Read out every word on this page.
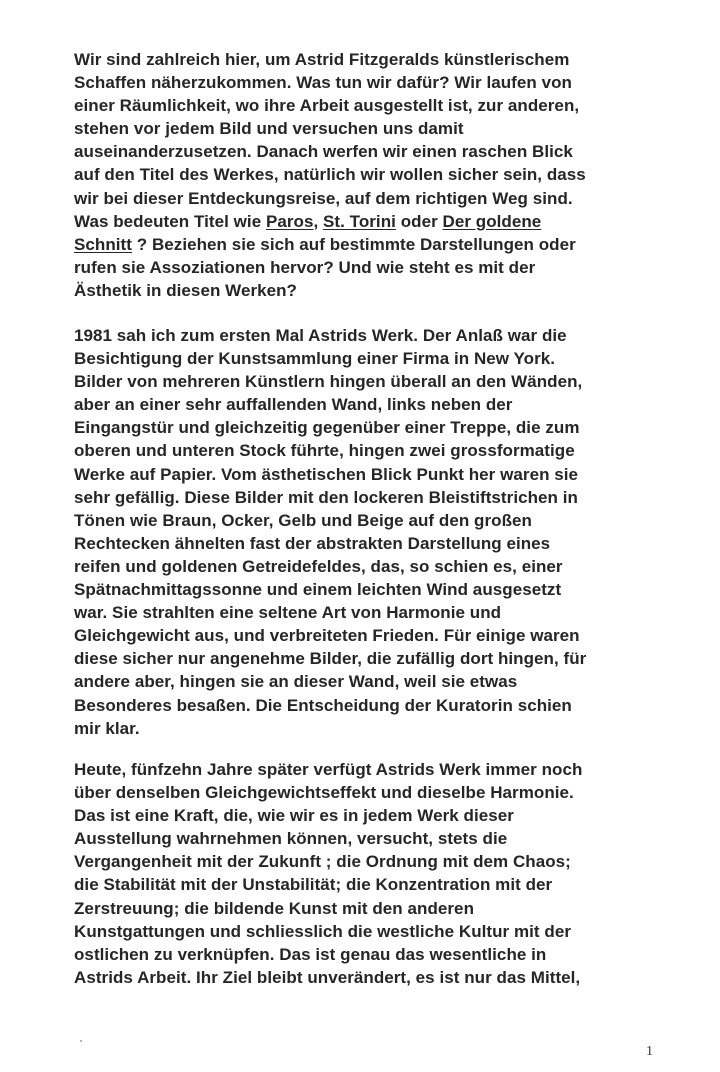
Wir sind zahlreich hier, um Astrid Fitzgeralds künstlerischem
Schaffen näherzukommen. Was tun wir dafür? Wir laufen von
einer Räumlichkeit, wo ihre Arbeit ausgestellt ist, zur anderen,
stehen vor jedem Bild und versuchen uns damit
auseinanderzusetzen. Danach werfen wir einen raschen Blick
auf den Titel des Werkes, natürlich wir wollen sicher sein, dass
wir bei dieser Entdeckungsreise, auf dem richtigen Weg sind.
Was bedeuten Titel wie Paros, St. Torini oder Der goldene
Schnitt ? Beziehen sie sich auf bestimmte Darstellungen oder
rufen sie Assoziationen hervor? Und wie steht es mit der
Ästhetik in diesen Werken?
1981 sah ich zum ersten Mal Astrids Werk. Der Anlaß war die
Besichtigung der Kunstsammlung einer Firma in New York.
Bilder von mehreren Künstlern hingen überall an den Wänden,
aber an einer sehr auffallenden Wand, links neben der
Eingangstür und gleichzeitig gegenüber einer Treppe, die zum
oberen und unteren Stock führte, hingen zwei grossformatige
Werke auf Papier. Vom ästhetischen Blick Punkt her waren sie
sehr gefällig. Diese Bilder mit den lockeren Bleistiftstrichen in
Tönen wie Braun, Ocker, Gelb und Beige auf den großen
Rechtecken ähnelten fast der abstrakten Darstellung eines
reifen und goldenen Getreidefeldes, das, so schien es, einer
Spätnachmittagssonne und einem leichten Wind ausgesetzt
war. Sie strahlten eine seltene Art von Harmonie und
Gleichgewicht aus, und verbreiteten Frieden. Für einige waren
diese sicher nur angenehme Bilder, die zufällig dort hingen, für
andere aber, hingen sie an dieser Wand, weil sie etwas
Besonderes besaßen. Die Entscheidung der Kuratorin schien
mir klar.
Heute, fünfzehn Jahre später verfügt Astrids Werk immer noch
über denselben Gleichgewichtseffekt und dieselbe Harmonie.
Das ist eine Kraft, die, wie wir es in jedem Werk dieser
Ausstellung wahrnehmen können, versucht, stets die
Vergangenheit mit der Zukunft ; die Ordnung mit dem Chaos;
die Stabilität mit der Unstabilität; die Konzentration mit der
Zerstreuung; die bildende Kunst mit den anderen
Kunstgattungen und schliesslich die westliche Kultur mit der
ostlichen zu verknüpfen. Das ist genau das wesentliche in
Astrids Arbeit. Ihr Ziel bleibt unverändert, es ist nur das Mittel,
1
